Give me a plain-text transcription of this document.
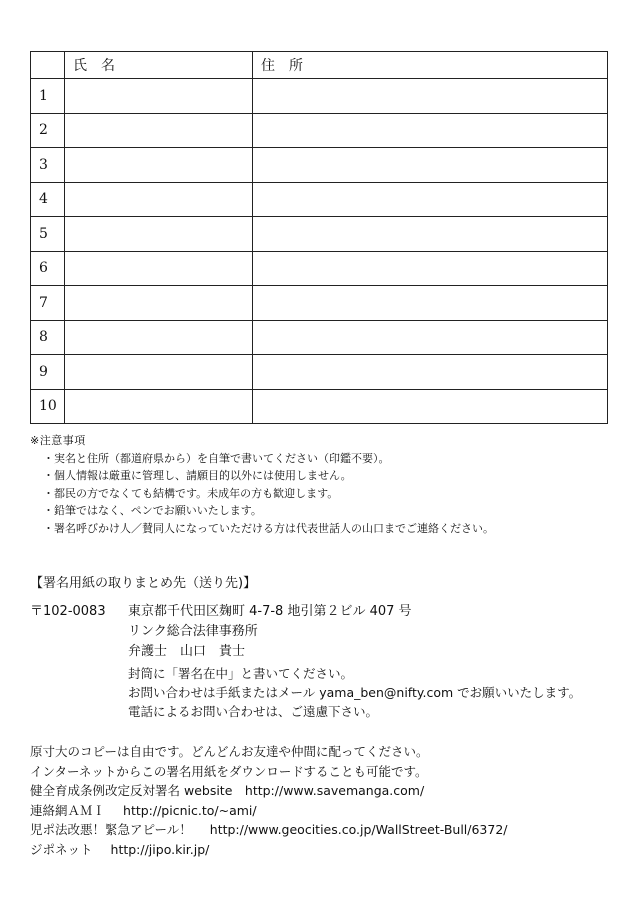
	氏名	住所
1		
2		
3		
4		
5		
6		
7		
8		
9		
10		
※注意事項
・ 実名と住所（都道府県から）を自筆で書いてください（印鑑不要）。
・ 個人情報は厳重に管理し、請願目的以外には使用しません。
・ 都民の方でなくても結構です。未成年の方も歓迎します。
・ 鉛筆ではなく、ペンでお願いいたします。
・ 署名呼びかけ人／賛同人になっていただける方は代表世話人の山口までご連絡ください。
【署名用紙の取りまとめ先（送り先)】
〒102-0083 東京都千代田区麹町 4-7-8 地引第２ビル 407 号
リンク総合法律事務所
弁護士　山口　貴士
封筒に「署名在中」と書いてください。
お問い合わせは手紙またはメール yama_ben@nifty.com でお願いいたします。
電話によるお問い合わせは、ご遠慮下さい。
原寸大のコピーは自由です。どんどんお友達や仲間に配ってください。
インターネットからこの署名用紙をダウンロードすることも可能です。
健全育成条例改定反対署名 website　http://www.savemanga.com/
連絡網ＡＭＩ http://picnic.to/~ami/
児ポ法改悪！緊急アピール！ http://www.geocities.co.jp/WallStreet-Bull/6372/
ジポネット http://jipo.kir.jp/
